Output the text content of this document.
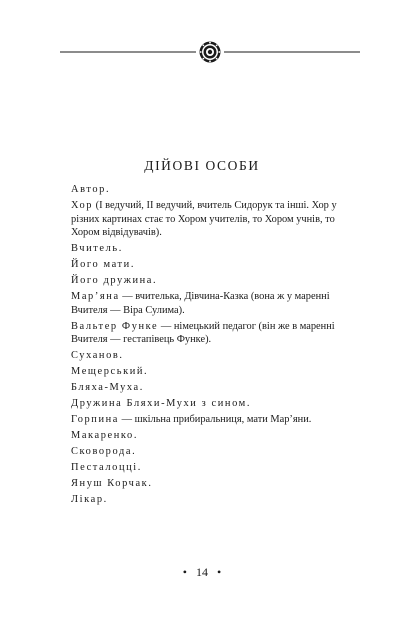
ДІЙОВІ ОСОБИ
Автор.
Хор (І ведучий, ІІ ведучий, вчитель Сидорук та інші. Хор у різних картинах стає то Хором учителів, то Хором учнів, то Хором відвідувачів).
Вчитель.
Його мати.
Його дружина.
Мар’яна — вчителька, Дівчина-Казка (вона ж у маренні Вчителя — Віра Сулима).
Вальтер Функе — німецький педагог (він же в маренні Вчителя — гестапівець Функе).
Суханов.
Мещерський.
Бляха-Муха.
Дружина Бляхи-Мухи з сином.
Горпина — шкільна прибиральниця, мати Мар’яни.
Макаренко.
Сковорода.
Песталоцці.
Януш Корчак.
Лікар.
• 14 •
